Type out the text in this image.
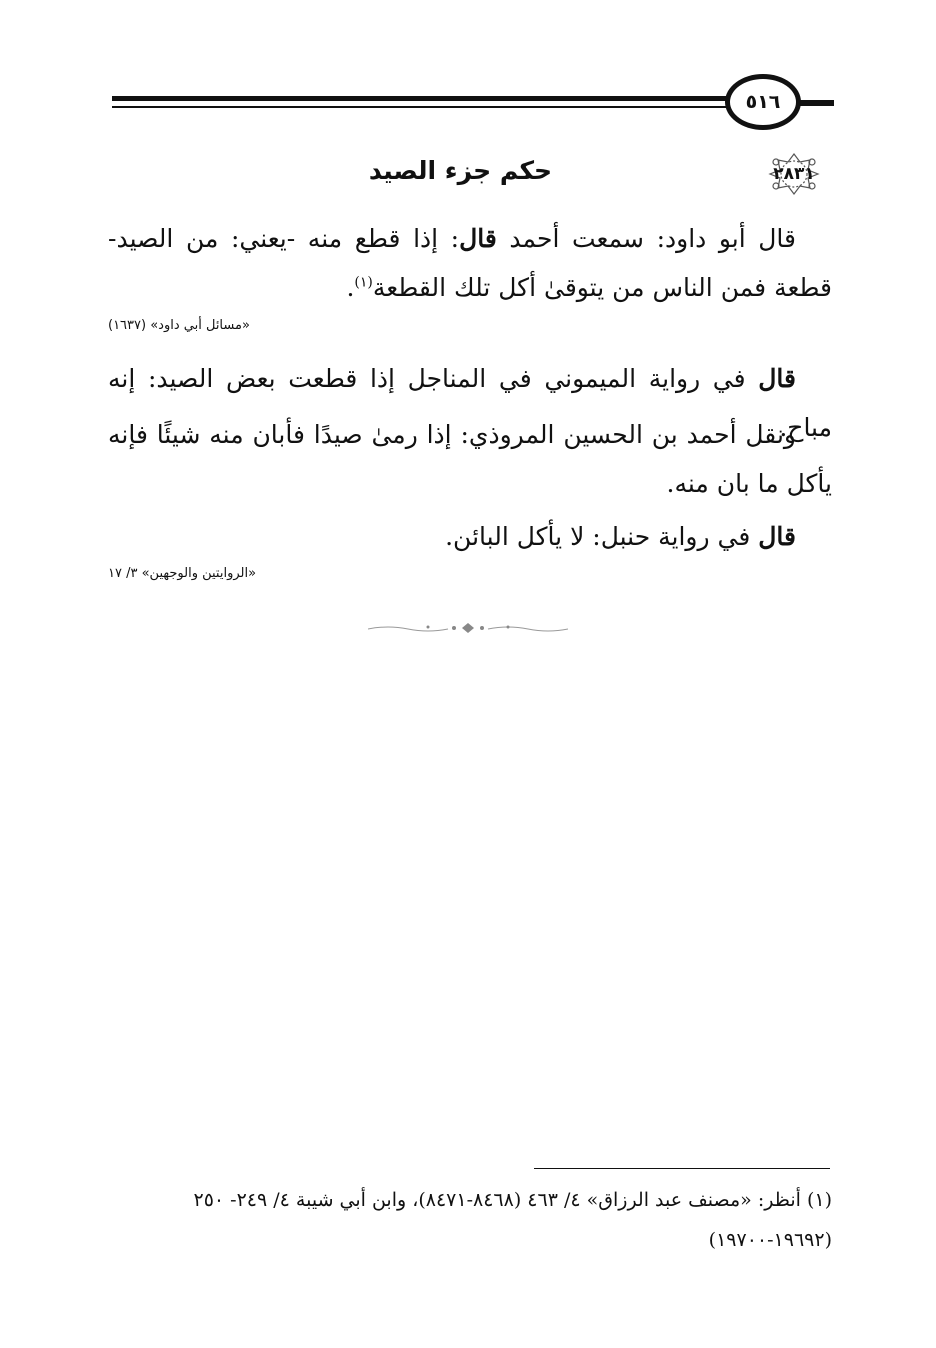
٥١٦
٢٨٣١
حكم جزء الصيد

قال أبو داود: سمعت أحمد قال: إذا قطع منه -يعني: من الصيد- قطعة فمن الناس من يتوقىٰ أكل تلك القطعة$^{(١)}$.

«مسائل أبي داود» (١٦٣٧)

قال في رواية الميموني في المناجل إذا قطعت بعض الصيد: إنه مباح.

ونقل أحمد بن الحسين المروذي: إذا رمىٰ صيدًا فأبان منه شيئًا فإنه يأكل ما بان منه.

قال في رواية حنبل: لا يأكل البائن.

«الروايتين والوجهين» ٣/ ١٧
(١) أنظر: «مصنف عبد الرزاق» ٤/ ٤٦٣ (٨٤٦٨-٨٤٧١)، وابن أبي شيبة ٤/ ٢٤٩- ٢٥٠ (١٩٦٩٢-١٩٧٠٠)
